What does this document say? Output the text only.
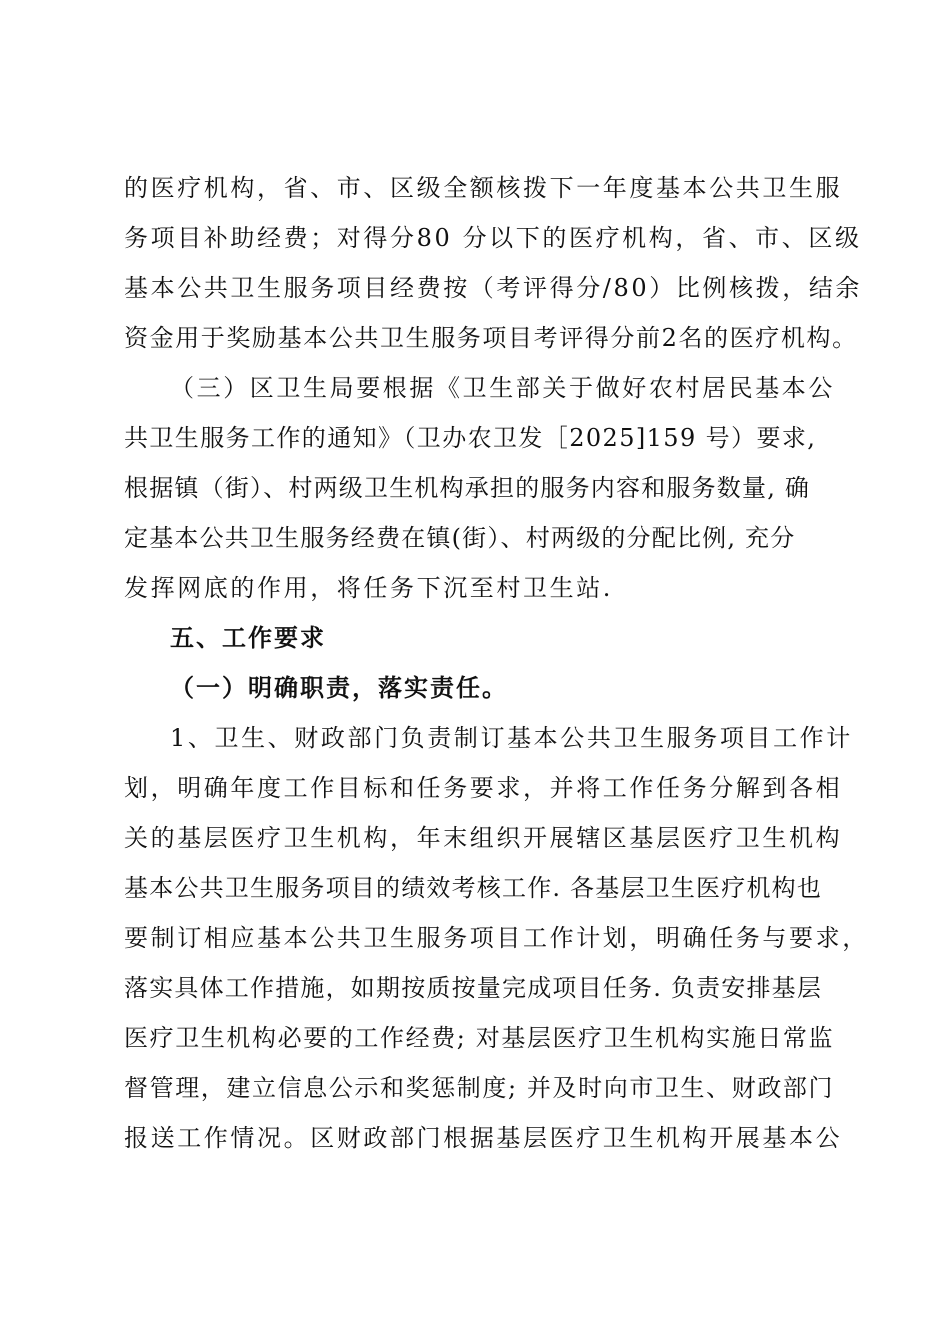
的医疗机构，省、市、区级全额核拨下一年度基本公共卫生服
务项目补助经费；对得分80 分以下的医疗机构，省、市、区级
基本公共卫生服务项目经费按（考评得分/80）比例核拨，结余
资金用于奖励基本公共卫生服务项目考评得分前2名的医疗机构。
（三）区卫生局要根据《卫生部关于做好农村居民基本公
共卫生服务工作的通知》（卫办农卫发［2025]159 号）要求,
根据镇（街）、村两级卫生机构承担的服务内容和服务数量, 确
定基本公共卫生服务经费在镇(街）、村两级的分配比例, 充分
发挥网底的作用，将任务下沉至村卫生站.
五、工作要求
（一）明确职责，落实责任。
1、卫生、财政部门负责制订基本公共卫生服务项目工作计
划，明确年度工作目标和任务要求，并将工作任务分解到各相
关的基层医疗卫生机构，年末组织开展辖区基层医疗卫生机构
基本公共卫生服务项目的绩效考核工作. 各基层卫生医疗机构也
要制订相应基本公共卫生服务项目工作计划，明确任务与要求，
落实具体工作措施，如期按质按量完成项目任务. 负责安排基层
医疗卫生机构必要的工作经费; 对基层医疗卫生机构实施日常监
督管理，建立信息公示和奖惩制度; 并及时向市卫生、财政部门
报送工作情况。区财政部门根据基层医疗卫生机构开展基本公
